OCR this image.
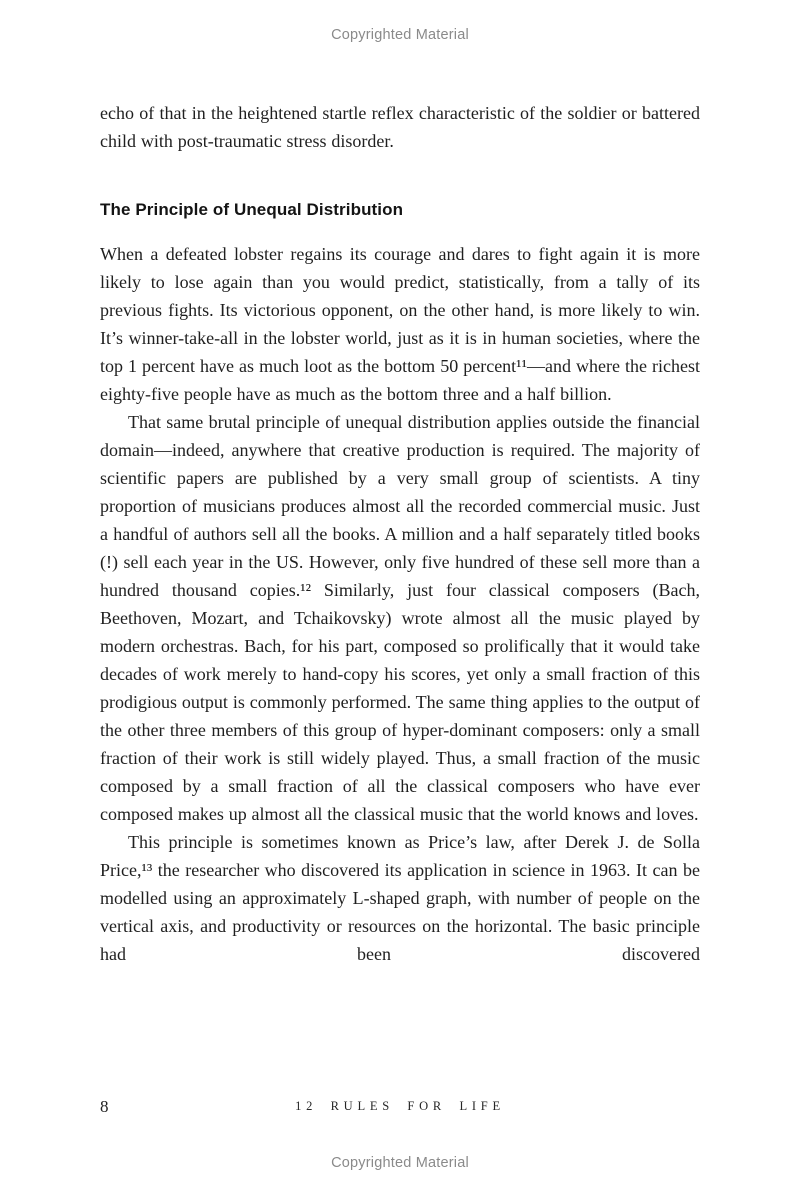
Copyrighted Material

echo of that in the heightened startle reflex characteristic of the soldier or battered child with post-traumatic stress disorder.

The Principle of Unequal Distribution

When a defeated lobster regains its courage and dares to fight again it is more likely to lose again than you would predict, statistically, from a tally of its previous fights. Its victorious opponent, on the other hand, is more likely to win. It’s winner-take-all in the lobster world, just as it is in human societies, where the top 1 percent have as much loot as the bottom 50 percent¹¹—and where the richest eighty-five people have as much as the bottom three and a half billion.

That same brutal principle of unequal distribution applies outside the financial domain—indeed, anywhere that creative production is required. The majority of scientific papers are published by a very small group of scientists. A tiny proportion of musicians produces almost all the recorded commercial music. Just a handful of authors sell all the books. A million and a half separately titled books (!) sell each year in the US. However, only five hundred of these sell more than a hundred thousand copies.¹² Similarly, just four classical composers (Bach, Beethoven, Mozart, and Tchaikovsky) wrote almost all the music played by modern orchestras. Bach, for his part, composed so prolifically that it would take decades of work merely to hand-copy his scores, yet only a small fraction of this prodigious output is commonly performed. The same thing applies to the output of the other three members of this group of hyper-dominant composers: only a small fraction of their work is still widely played. Thus, a small fraction of the music composed by a small fraction of all the classical composers who have ever composed makes up almost all the classical music that the world knows and loves.

This principle is sometimes known as Price’s law, after Derek J. de Solla Price,¹³ the researcher who discovered its application in science in 1963. It can be modelled using an approximately L-shaped graph, with number of people on the vertical axis, and productivity or resources on the horizontal. The basic principle had been discovered

8	12 RULES FOR LIFE
Copyrighted Material
